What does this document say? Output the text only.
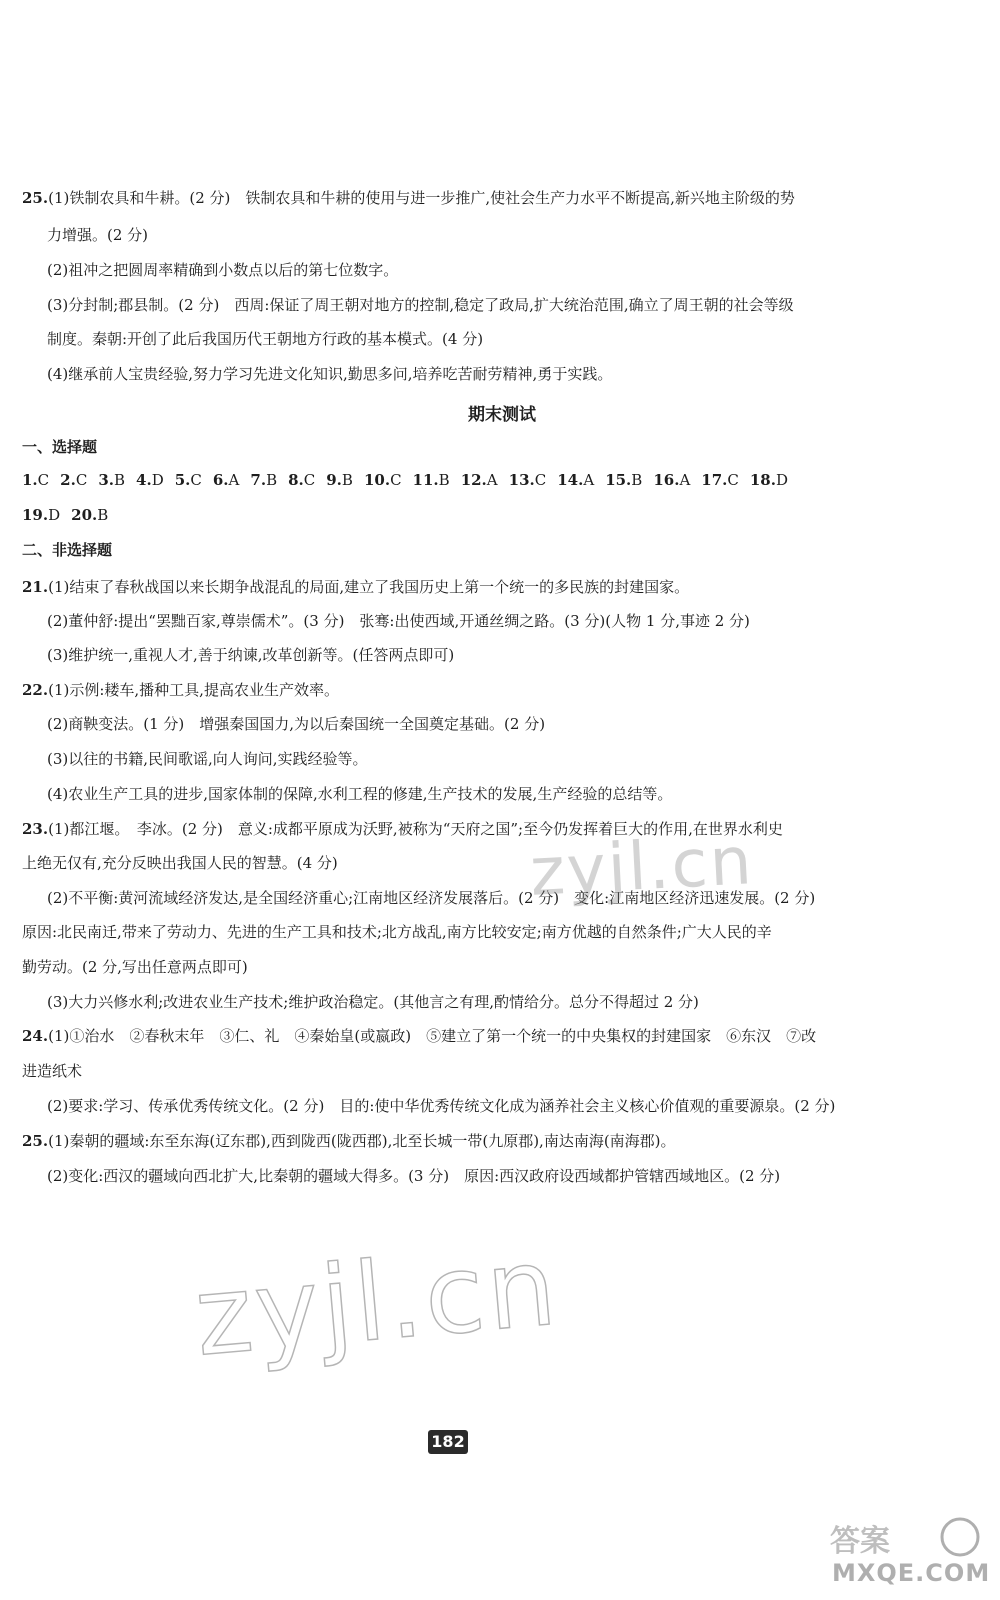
25.(1)铁制农具和牛耕。(2 分)　铁制农具和牛耕的使用与进一步推广,使社会生产力水平不断提高,新兴地主阶级的势
力增强。(2 分)
(2)祖冲之把圆周率精确到小数点以后的第七位数字。
(3)分封制;郡县制。(2 分)　西周:保证了周王朝对地方的控制,稳定了政局,扩大统治范围,确立了周王朝的社会等级
制度。秦朝:开创了此后我国历代王朝地方行政的基本模式。(4 分)
(4)继承前人宝贵经验,努力学习先进文化知识,勤思多问,培养吃苦耐劳精神,勇于实践。
期末测试
一、选择题
1.C 2.C 3.B 4.D 5.C 6.A 7.B 8.C 9.B 10.C 11.B 12.A 13.C 14.A 15.B 16.A 17.C 18.D
19.D 20.B
二、非选择题
21.(1)结束了春秋战国以来长期争战混乱的局面,建立了我国历史上第一个统一的多民族的封建国家。
(2)董仲舒:提出“罢黜百家,尊崇儒术”。(3 分)　张骞:出使西域,开通丝绸之路。(3 分)(人物 1 分,事迹 2 分)
(3)维护统一,重视人才,善于纳谏,改革创新等。(任答两点即可)
22.(1)示例:耧车,播种工具,提高农业生产效率。
(2)商鞅变法。(1 分)　增强秦国国力,为以后秦国统一全国奠定基础。(2 分)
(3)以往的书籍,民间歌谣,向人询问,实践经验等。
(4)农业生产工具的进步,国家体制的保障,水利工程的修建,生产技术的发展,生产经验的总结等。
23.(1)都江堰。　李冰。(2 分)　意义:成都平原成为沃野,被称为“天府之国”;至今仍发挥着巨大的作用,在世界水利史
上绝无仅有,充分反映出我国人民的智慧。(4 分)
(2)不平衡:黄河流域经济发达,是全国经济重心;江南地区经济发展落后。(2 分)　变化:江南地区经济迅速发展。(2 分)
原因:北民南迁,带来了劳动力、先进的生产工具和技术;北方战乱,南方比较安定;南方优越的自然条件;广大人民的辛
勤劳动。(2 分,写出任意两点即可)
(3)大力兴修水利;改进农业生产技术;维护政治稳定。(其他言之有理,酌情给分。总分不得超过 2 分)
24.(1)①治水　②春秋末年　③仁、礼　④秦始皇(或嬴政)　⑤建立了第一个统一的中央集权的封建国家　⑥东汉　⑦改
进造纸术
(2)要求:学习、传承优秀传统文化。(2 分)　目的:使中华优秀传统文化成为涵养社会主义核心价值观的重要源泉。(2 分)
25.(1)秦朝的疆域:东至东海(辽东郡),西到陇西(陇西郡),北至长城一带(九原郡),南达南海(南海郡)。
(2)变化:西汉的疆域向西北扩大,比秦朝的疆域大得多。(3 分)　原因:西汉政府设西域都护管辖西域地区。(2 分)
zyjl.cn
zyjl.cn
182
答案
MXQE.COM
